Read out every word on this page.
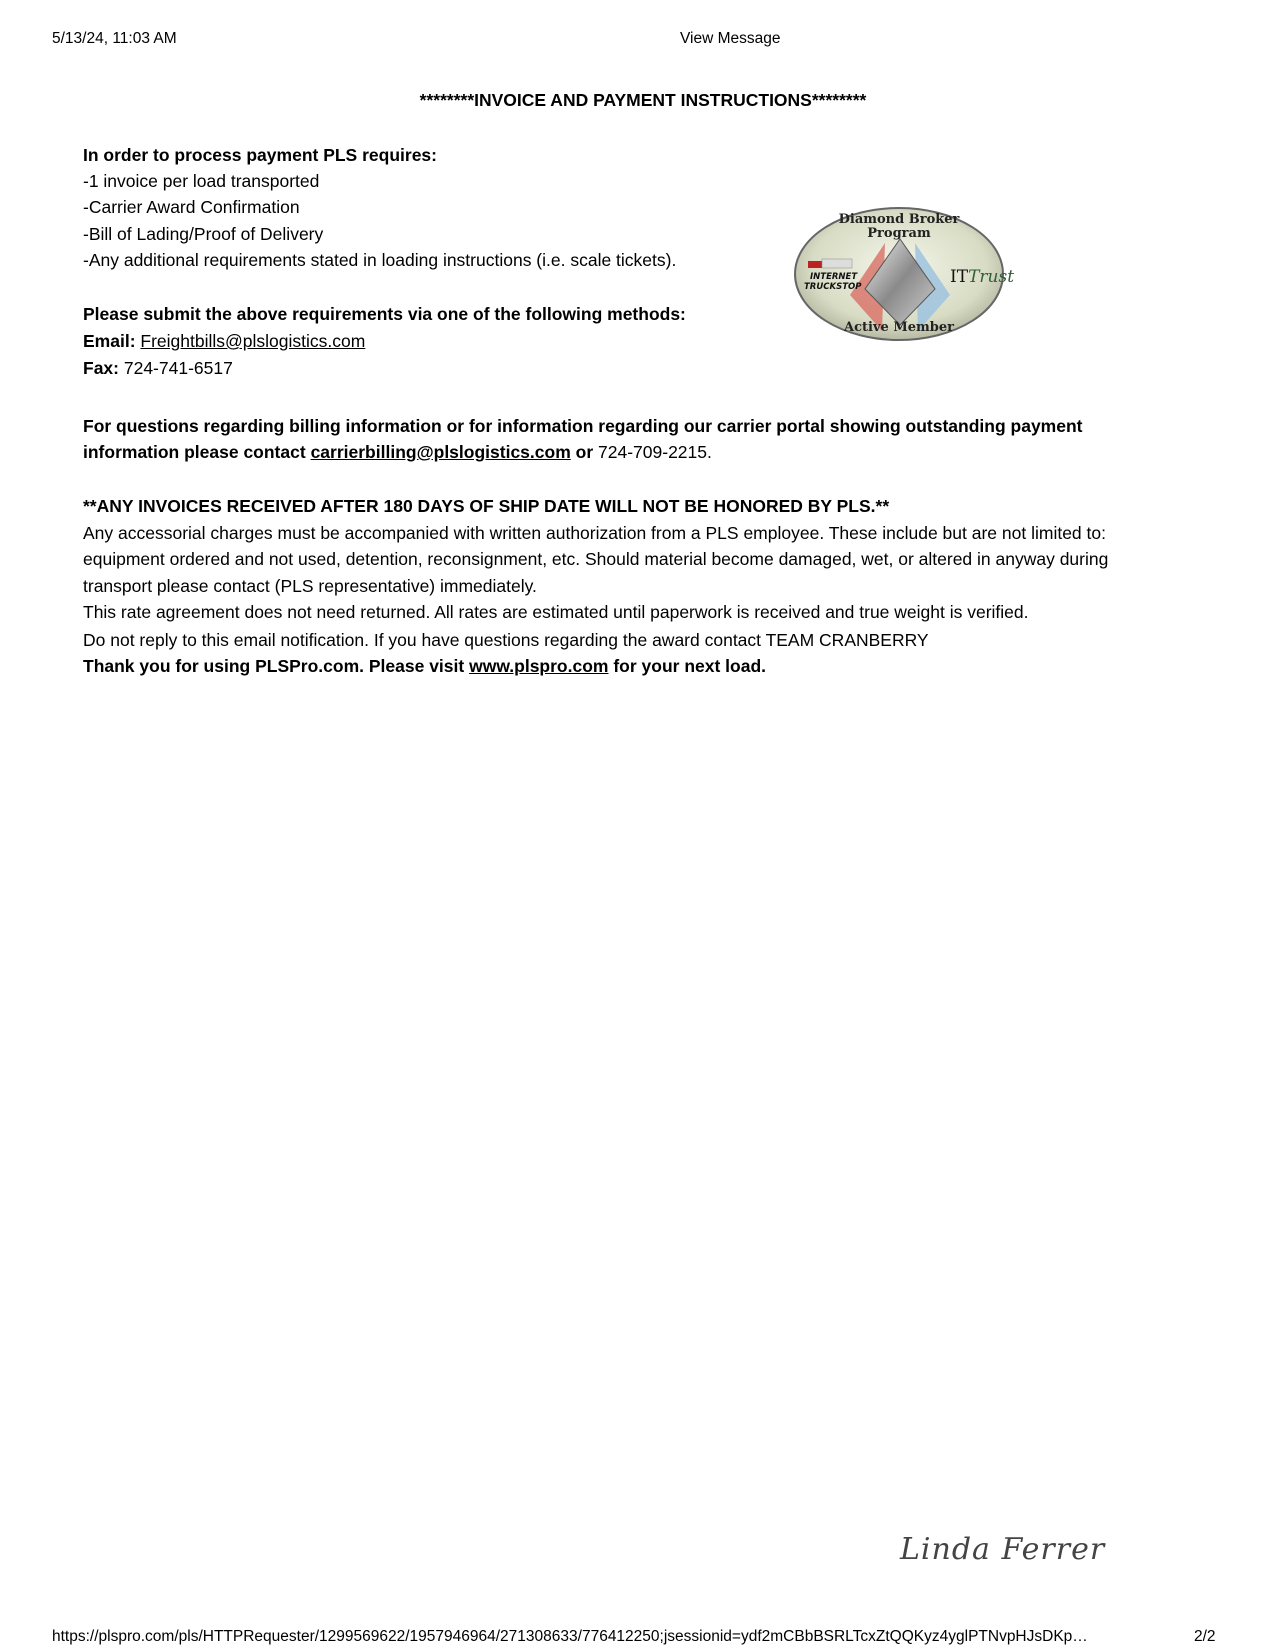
5/13/24, 11:03 AM	View Message
********INVOICE AND PAYMENT INSTRUCTIONS********
In order to process payment PLS requires:
-1 invoice per load transported
-Carrier Award Confirmation
-Bill of Lading/Proof of Delivery
-Any additional requirements stated in loading instructions (i.e. scale tickets).
Please submit the above requirements via one of the following methods:
Email: Freightbills@plslogistics.com
Fax: 724-741-6517
For questions regarding billing information or for information regarding our carrier portal showing outstanding payment
information please contact carrierbilling@plslogistics.com or 724-709-2215.
**ANY INVOICES RECEIVED AFTER 180 DAYS OF SHIP DATE WILL NOT BE HONORED BY PLS.**
Any accessorial charges must be accompanied with written authorization from a PLS employee. These include but are not limited to:
equipment ordered and not used, detention, reconsignment, etc. Should material become damaged, wet, or altered in anyway during
transport please contact (PLS representative) immediately.
This rate agreement does not need returned. All rates are estimated until paperwork is received and true weight is verified.
Do not reply to this email notification. If you have questions regarding the award contact TEAM CRANBERRY
Thank you for using PLSPro.com. Please visit www.plspro.com for your next load.
Diamond Broker
Program
INTERNET
TRUCKSTOP	ITTrust
Active Member
Linda Ferrer
https://plspro.com/pls/HTTPRequester/1299569622/1957946964/271308633/776412250;jsessionid=ydf2mCBbBSRLTcxZtQQKyz4yglPTNvpHJsDKp…	2/2
